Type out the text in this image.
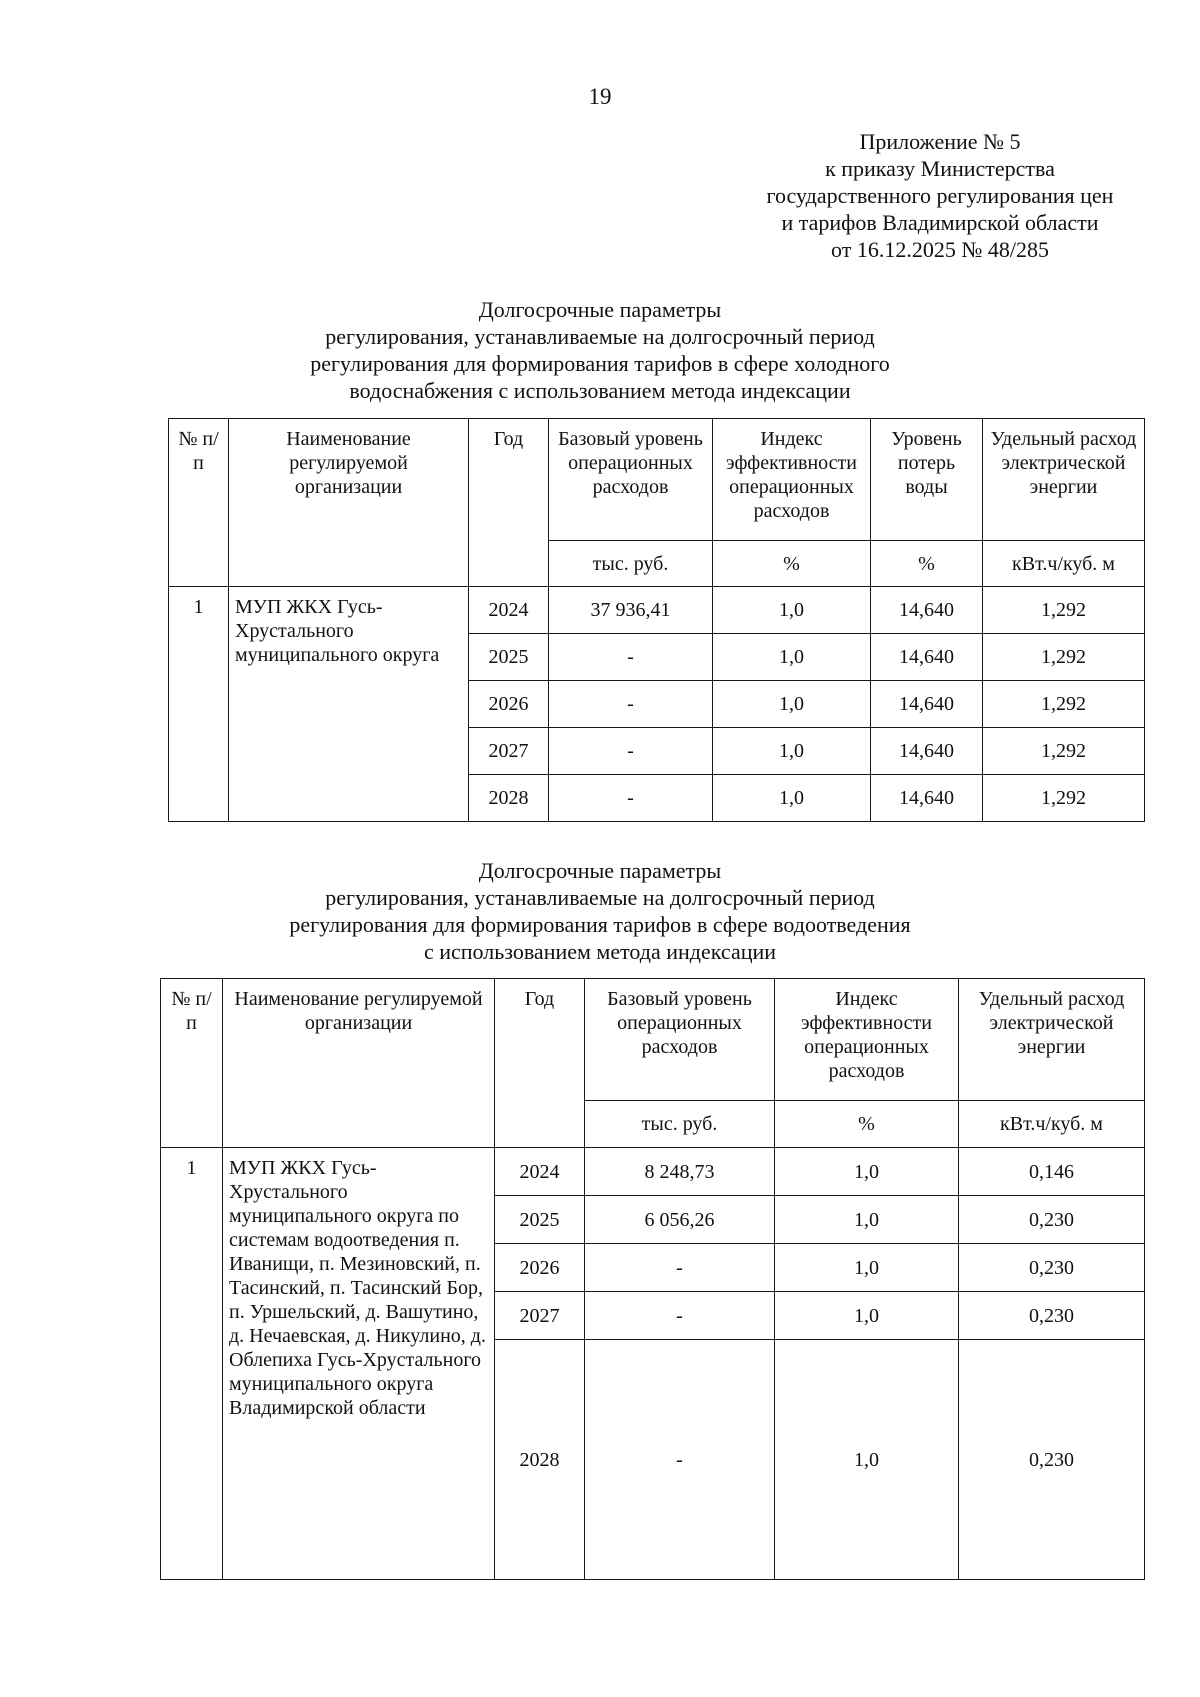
19
Приложение № 5
к приказу Министерства
государственного регулирования цен
и тарифов Владимирской области
от 16.12.2025 № 48/285
Долгосрочные параметры
регулирования, устанавливаемые на долгосрочный период
регулирования для формирования тарифов в сфере холодного
водоснабжения с использованием метода индексации
№ п/п	Наименование регулируемой организации	Год	Базовый уровень операционных расходов	Индекс эффективности операционных расходов	Уровень потерь воды	Удельный расход электрической энергии
			тыс. руб.	%	%	кВт.ч/куб. м
1	МУП ЖКХ Гусь-Хрустального муниципального округа	2024	37 936,41	1,0	14,640	1,292
		2025	-	1,0	14,640	1,292
		2026	-	1,0	14,640	1,292
		2027	-	1,0	14,640	1,292
		2028	-	1,0	14,640	1,292
Долгосрочные параметры
регулирования, устанавливаемые на долгосрочный период
регулирования для формирования тарифов в сфере водоотведения
с использованием метода индексации
№ п/п	Наименование регулируемой организации	Год	Базовый уровень операционных расходов	Индекс эффективности операционных расходов	Удельный расход электрической энергии
			тыс. руб.	%	кВт.ч/куб. м
1	МУП ЖКХ Гусь-Хрустального муниципального округа по системам водоотведения п. Иванищи, п. Мезиновский, п. Тасинский, п. Тасинский Бор, п. Уршельский, д. Вашутино, д. Нечаевская, д. Никулино, д. Облепиха Гусь-Хрустального муниципального округа Владимирской области	2024	8 248,73	1,0	0,146
		2025	6 056,26	1,0	0,230
		2026	-	1,0	0,230
		2027	-	1,0	0,230
		2028	-	1,0	0,230
